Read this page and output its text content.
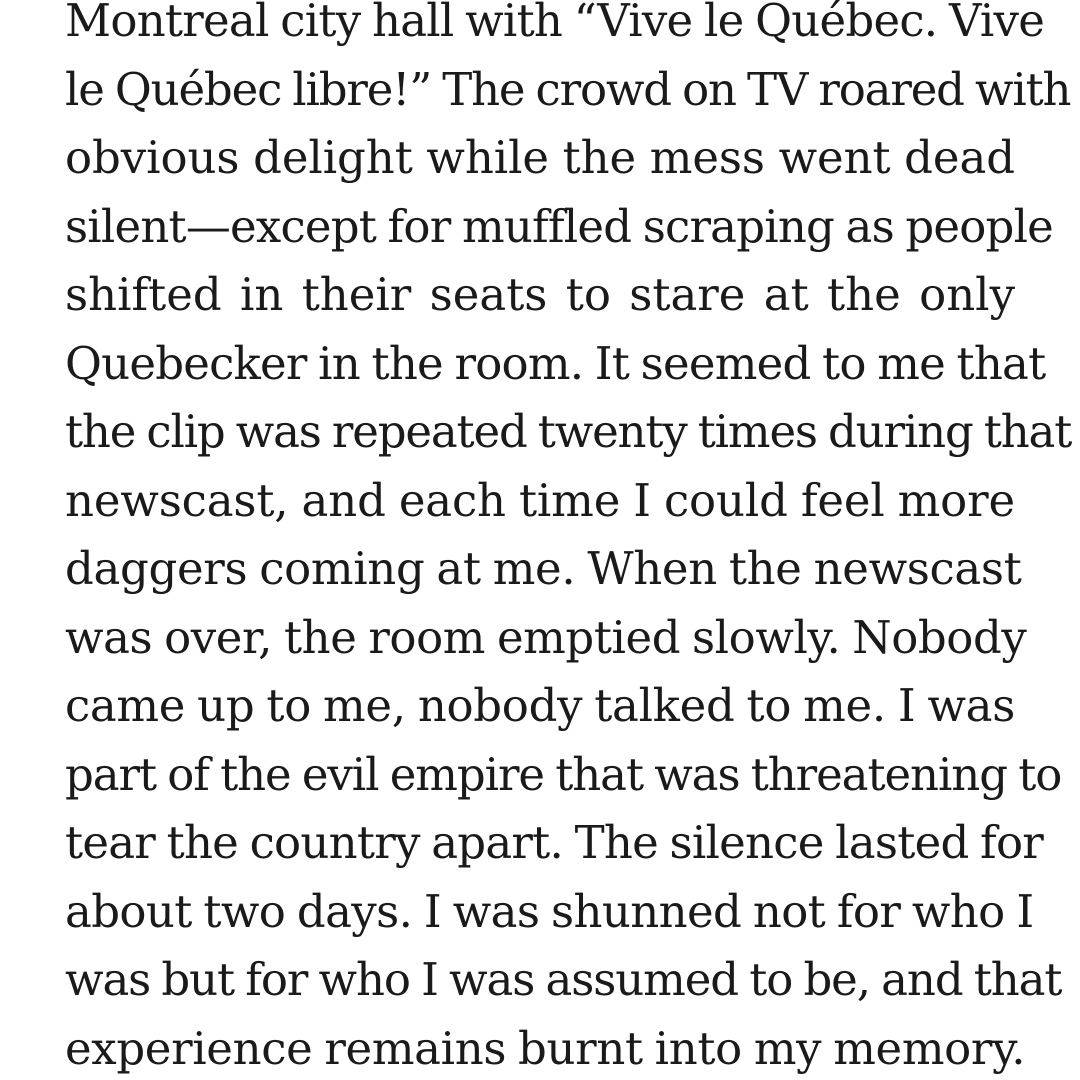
Montreal city hall with “Vive le Québec. Vive
le Québec libre!” The crowd on TV roared with
obvious delight while the mess went dead
silent—except for muffled scraping as people
shifted in their seats to stare at the only
Quebecker in the room. It seemed to me that
the clip was repeated twenty times during that
newscast, and each time I could feel more
daggers coming at me. When the newscast
was over, the room emptied slowly. Nobody
came up to me, nobody talked to me. I was
part of the evil empire that was threatening to
tear the country apart. The silence lasted for
about two days. I was shunned not for who I
was but for who I was assumed to be, and that
experience remains burnt into my memory.
